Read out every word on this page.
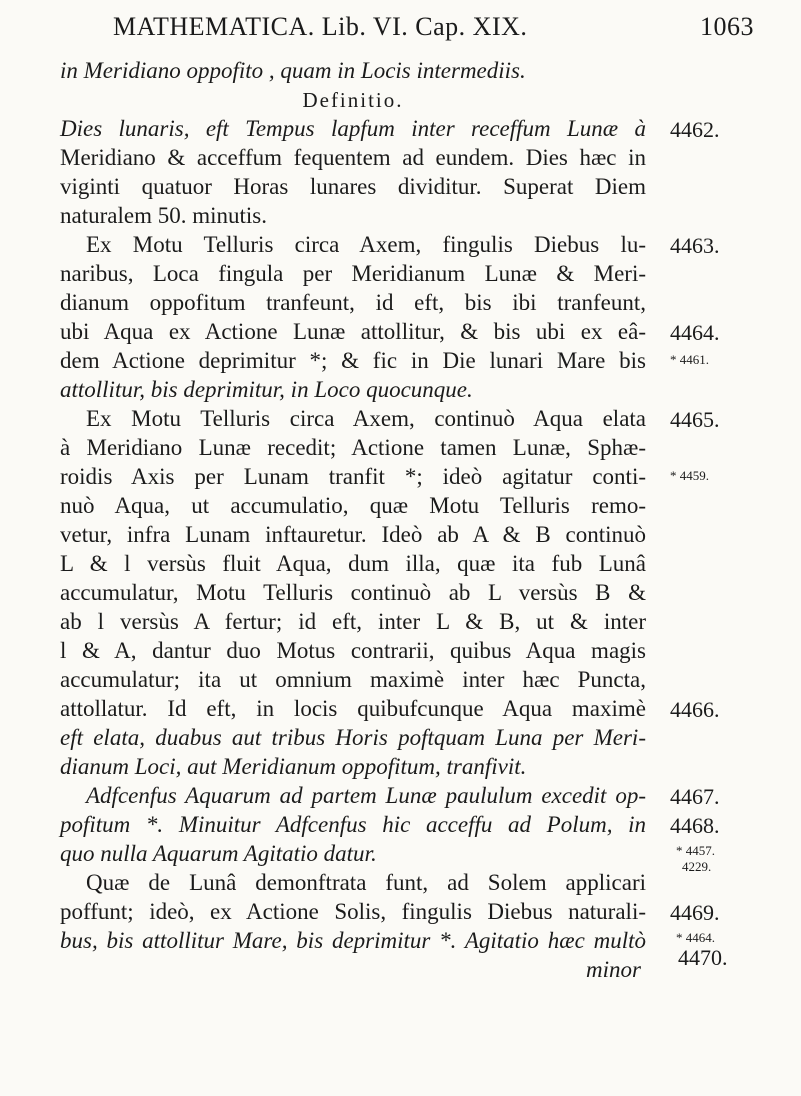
MATHEMATICA. Lib. VI. Cap. XIX.	1063
in Meridiano oppofito , quam in Locis intermediis.
Definitio.
Dies lunaris, eft Tempus lapfum inter receffum Lunæ à
Meridiano & acceffum fequentem ad eundem. Dies hæc in
viginti quatuor Horas lunares dividitur. Superat Diem
naturalem 50. minutis.
Ex Motu Telluris circa Axem, fingulis Diebus lu-
naribus, Loca fingula per Meridianum Lunæ & Meri-
dianum oppofitum tranfeunt, id eft, bis ibi tranfeunt,
ubi Aqua ex Actione Lunæ attollitur, & bis ubi ex eâ-
dem Actione deprimitur *; & fic in Die lunari Mare bis
attollitur, bis deprimitur, in Loco quocunque.
Ex Motu Telluris circa Axem, continuò Aqua elata
à Meridiano Lunæ recedit; Actione tamen Lunæ, Sphæ-
roidis Axis per Lunam tranfit *; ideò agitatur conti-
nuò Aqua, ut accumulatio, quæ Motu Telluris remo-
vetur, infra Lunam inftauretur. Ideò ab A & B continuò
L & l versùs fluit Aqua, dum illa, quæ ita fub Lunâ
accumulatur, Motu Telluris continuò ab L versùs B &
ab l versùs A fertur; id eft, inter L & B, ut & inter
l & A, dantur duo Motus contrarii, quibus Aqua magis
accumulatur; ita ut omnium maximè inter hæc Puncta,
attollatur. Id eft, in locis quibufcunque Aqua maximè
eft elata, duabus aut tribus Horis poftquam Luna per Meri-
dianum Loci, aut Meridianum oppofitum, tranfivit.
Adfcenfus Aquarum ad partem Lunæ paululum excedit op-
pofitum *. Minuitur Adfcenfus hic acceffu ad Polum, in
quo nulla Aquarum Agitatio datur.
Quæ de Lunâ demonftrata funt, ad Solem applicari
poffunt; ideò, ex Actione Solis, fingulis Diebus naturali-
bus, bis attollitur Mare, bis deprimitur *. Agitatio hæc multò
minor
4462.
4463.
4464.
* 4461.
4465.
* 4459.
4466.
4467.
4468.
* 4457.
4229.
4469.
* 4464.
4470.
